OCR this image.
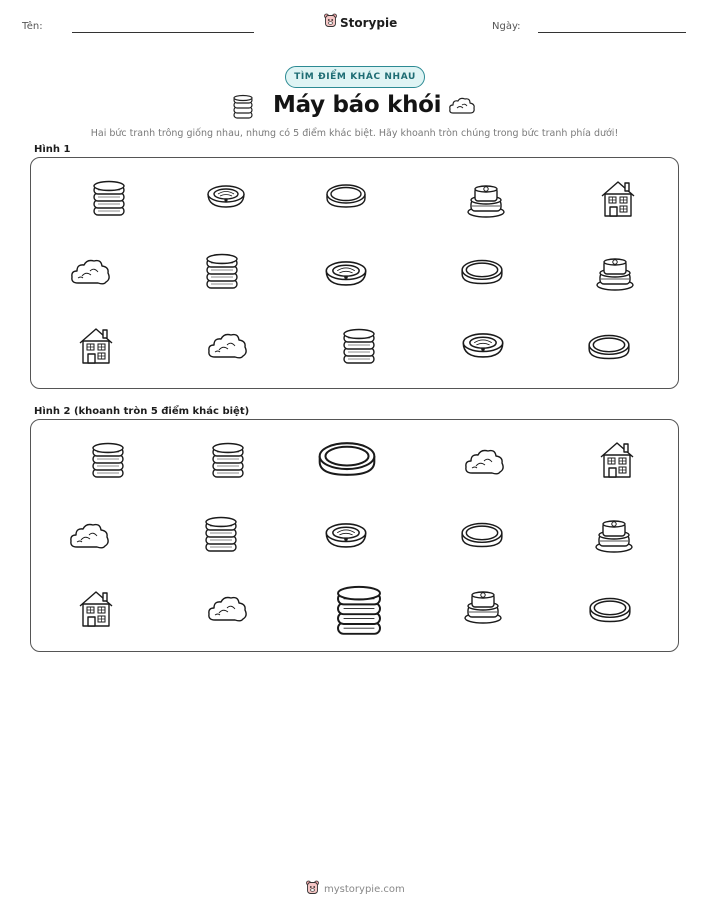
Tên:	Storypie	Ngày:
TÌM ĐIỂM KHÁC NHAU
Máy báo khói
Hai bức tranh trông giống nhau, nhưng có 5 điểm khác biệt. Hãy khoanh tròn chúng trong bức tranh phía dưới!
Hình 1
Hình 2 (khoanh tròn 5 điểm khác biệt)
mystorypie.com
